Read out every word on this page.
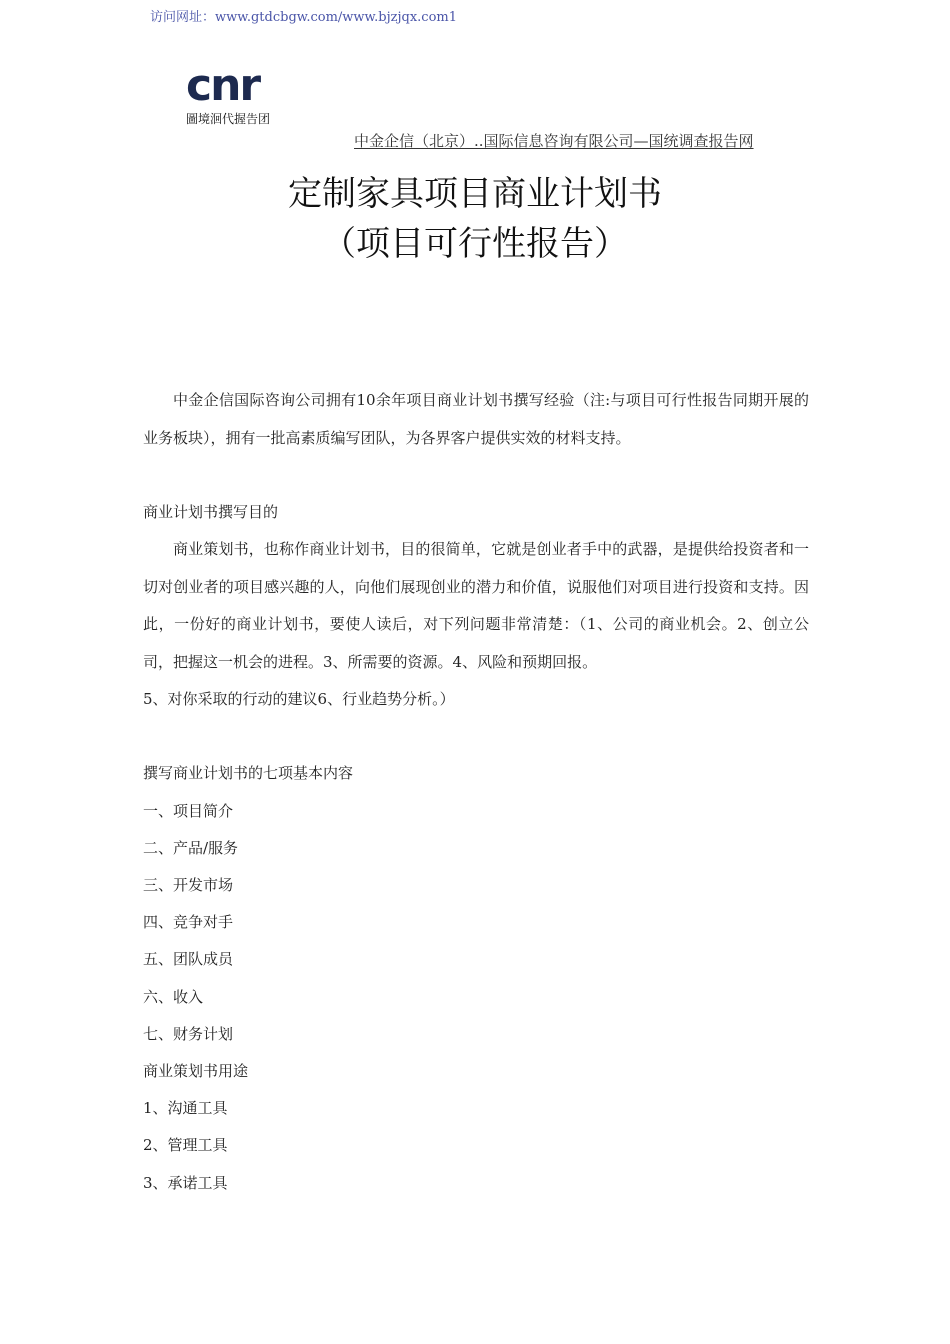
访问网址：www.gtdcbgw.com/www.bjzjqx.com1
cnr
圖境洄代握告团
中金企信（北京）..国际信息咨询有限公司—国统调查报告网
定制家具项目商业计划书
（项目可行性报告）

中金企信国际咨询公司拥有10余年项目商业计划书撰写经验（注:与项目可行性报告同期开展的业务板块），拥有一批高素质编写团队，为各界客户提供实效的材料支持。

商业计划书撰写目的

商业策划书，也称作商业计划书，目的很简单，它就是创业者手中的武器，是提供给投资者和一切对创业者的项目感兴趣的人，向他们展现创业的潜力和价值，说服他们对项目进行投资和支持。因此，一份好的商业计划书，要使人读后，对下列问题非常清楚：（1、公司的商业机会。2、创立公司，把握这一机会的进程。3、所需要的资源。4、风险和预期回报。

5、对你采取的行动的建议6、行业趋势分析。）

撰写商业计划书的七项基本内容

一、项目简介

二、产品/服务

三、开发市场

四、竞争对手

五、团队成员

六、收入

七、财务计划

商业策划书用途

1、沟通工具

2、管理工具

3、承诺工具
